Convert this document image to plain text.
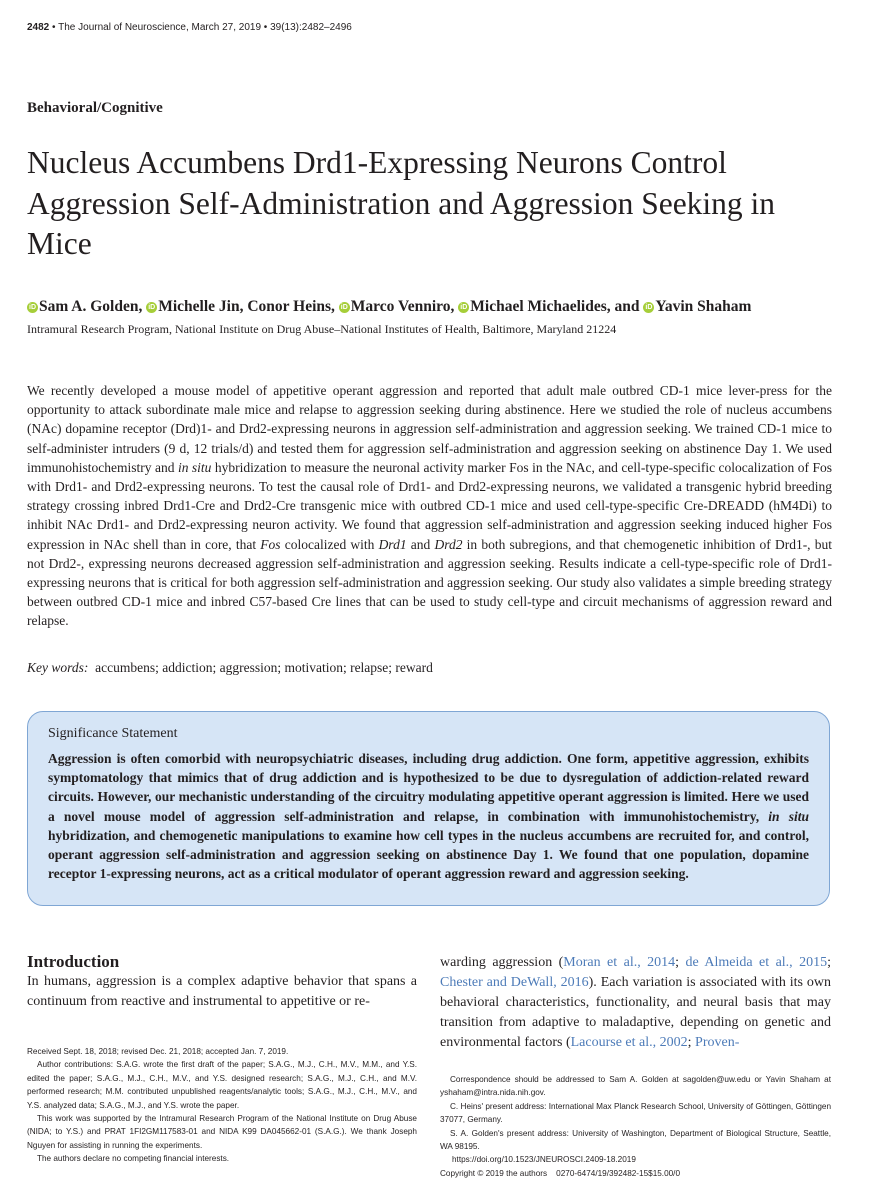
2482 • The Journal of Neuroscience, March 27, 2019 • 39(13):2482–2496
Behavioral/Cognitive
Nucleus Accumbens Drd1-Expressing Neurons Control Aggression Self-Administration and Aggression Seeking in Mice
iD Sam A. Golden, iD Michelle Jin, Conor Heins, iD Marco Venniro, iD Michael Michaelides, and iD Yavin Shaham
Intramural Research Program, National Institute on Drug Abuse–National Institutes of Health, Baltimore, Maryland 21224

We recently developed a mouse model of appetitive operant aggression and reported that adult male outbred CD-1 mice lever-press for the opportunity to attack subordinate male mice and relapse to aggression seeking during abstinence. Here we studied the role of nucleus accumbens (NAc) dopamine receptor (Drd)1- and Drd2-expressing neurons in aggression self-administration and aggression seeking. We trained CD-1 mice to self-administer intruders (9 d, 12 trials/d) and tested them for aggression self-administration and aggression seeking on abstinence Day 1. We used immunohistochemistry and in situ hybridization to measure the neuronal activity marker Fos in the NAc, and cell-type-specific colocalization of Fos with Drd1- and Drd2-expressing neurons. To test the causal role of Drd1- and Drd2-expressing neurons, we validated a transgenic hybrid breeding strategy crossing inbred Drd1-Cre and Drd2-Cre transgenic mice with outbred CD-1 mice and used cell-type-specific Cre-DREADD (hM4Di) to inhibit NAc Drd1- and Drd2-expressing neuron activity. We found that aggression self-administration and aggression seeking induced higher Fos expression in NAc shell than in core, that Fos colocalized with Drd1 and Drd2 in both subregions, and that chemogenetic inhibition of Drd1-, but not Drd2-, expressing neurons decreased aggression self-administration and aggression seeking. Results indicate a cell-type-specific role of Drd1-expressing neurons that is critical for both aggression self-administration and aggression seeking. Our study also validates a simple breeding strategy between outbred CD-1 mice and inbred C57-based Cre lines that can be used to study cell-type and circuit mechanisms of aggression reward and relapse.

Key words:  accumbens; addiction; aggression; motivation; relapse; reward
Significance Statement

Aggression is often comorbid with neuropsychiatric diseases, including drug addiction. One form, appetitive aggression, exhibits symptomatology that mimics that of drug addiction and is hypothesized to be due to dysregulation of addiction-related reward circuits. However, our mechanistic understanding of the circuitry modulating appetitive operant aggression is limited. Here we used a novel mouse model of aggression self-administration and relapse, in combination with immunohistochemistry, in situ hybridization, and chemogenetic manipulations to examine how cell types in the nucleus accumbens are recruited for, and control, operant aggression self-administration and aggression seeking on abstinence Day 1. We found that one population, dopamine receptor 1-expressing neurons, act as a critical modulator of operant aggression reward and aggression seeking.

Introduction

In humans, aggression is a complex adaptive behavior that spans a continuum from reactive and instrumental to appetitive or re-

warding aggression (Moran et al., 2014; de Almeida et al., 2015; Chester and DeWall, 2016). Each variation is associated with its own behavioral characteristics, functionality, and neural basis that may transition from adaptive to maladaptive, depending on genetic and environmental factors (Lacourse et al., 2002; Proven-

Received Sept. 18, 2018; revised Dec. 21, 2018; accepted Jan. 7, 2019.

Author contributions: S.A.G. wrote the first draft of the paper; S.A.G., M.J., C.H., M.V., M.M., and Y.S. edited the paper; S.A.G., M.J., C.H., M.V., and Y.S. designed research; S.A.G., M.J., C.H., and M.V. performed research; M.M. contributed unpublished reagents/analytic tools; S.A.G., M.J., C.H., M.V., and Y.S. analyzed data; S.A.G., M.J., and Y.S. wrote the paper.

This work was supported by the Intramural Research Program of the National Institute on Drug Abuse (NIDA; to Y.S.) and PRAT 1FI2GM117583-01 and NIDA K99 DA045662-01 (S.A.G.). We thank Joseph Nguyen for assisting in running the experiments.

The authors declare no competing financial interests.

Correspondence should be addressed to Sam A. Golden at sagolden@uw.edu or Yavin Shaham at yshaham@intra.nida.nih.gov.

C. Heins' present address: International Max Planck Research School, University of Göttingen, Göttingen 37077, Germany.

S. A. Golden's present address: University of Washington, Department of Biological Structure, Seattle, WA 98195.

https://doi.org/10.1523/JNEUROSCI.2409-18.2019

Copyright © 2019 the authors    0270-6474/19/392482-15$15.00/0
